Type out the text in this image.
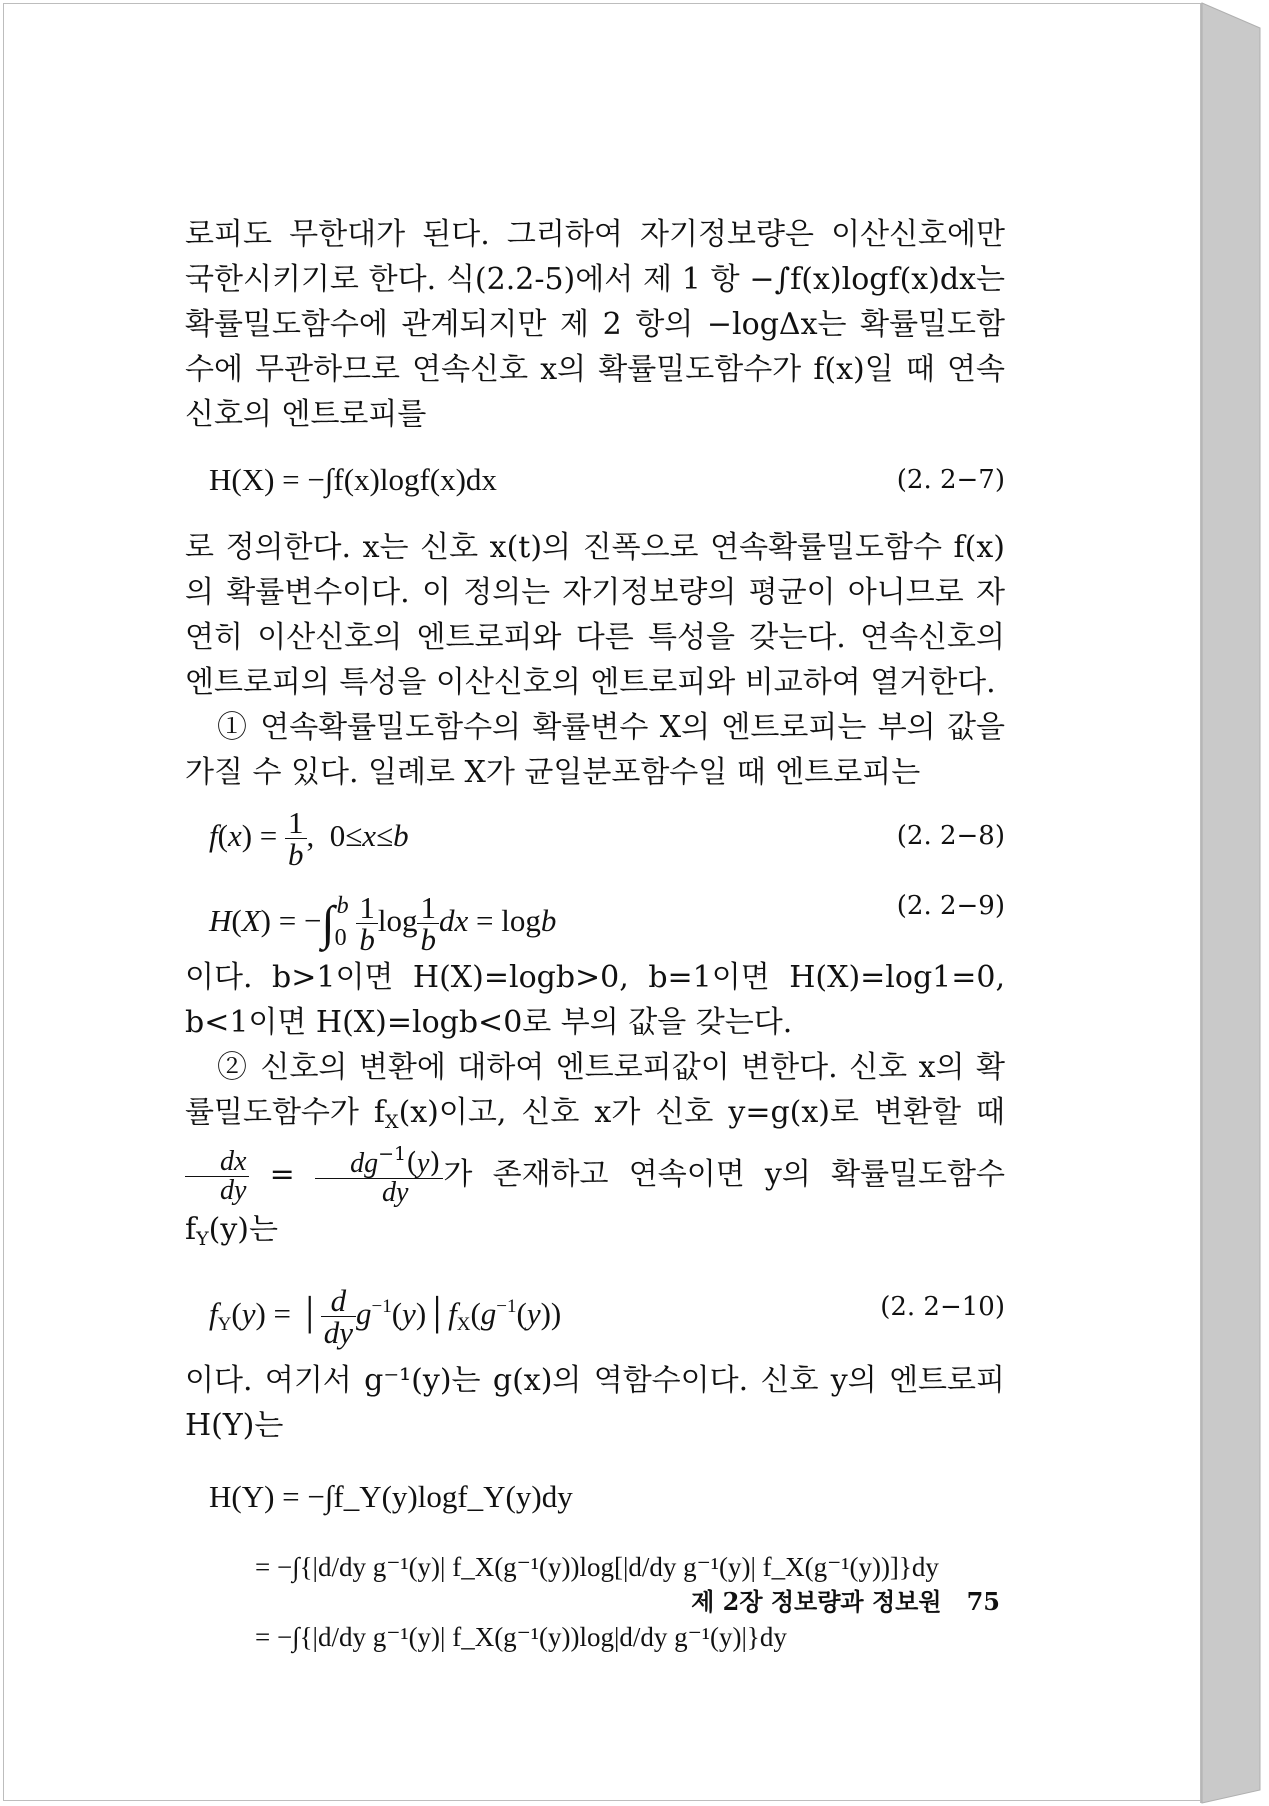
로피도 무한대가 된다. 그리하여 자기정보량은 이산신호에만 국한시키기로 한다. 식(2.2-5)에서 제 1 항 −∫f(x)logf(x)dx는 확률밀도함수에 관계되지만 제 2 항의 −logΔx는 확률밀도함수에 무관하므로 연속신호 x의 확률밀도함수가 f(x)일 때 연속신호의 엔트로피를

H(X) = −∫f(x)logf(x)dx	(2. 2−7)

로 정의한다. x는 신호 x(t)의 진폭으로 연속확률밀도함수 f(x)의 확률변수이다. 이 정의는 자기정보량의 평균이 아니므로 자연히 이산신호의 엔트로피와 다른 특성을 갖는다. 연속신호의 엔트로피의 특성을 이산신호의 엔트로피와 비교하여 열거한다.

① 연속확률밀도함수의 확률변수 X의 엔트로피는 부의 값을 가질 수 있다. 일례로 X가 균일분포함수일 때 엔트로피는

$f(x) = \frac{1}{b}$ ,  0≤x≤b	(2. 2−8)
$H(X) = -\int_0^b \frac{1}{b}$ $\log \frac{1}{b}$ dx = logb	(2. 2−9)

이다. b>1이면 H(X)=logb>0, b=1이면 H(X)=log1=0, b<1이면 H(X)=logb<0로 부의 값을 갖는다.

② 신호의 변환에 대하여 엔트로피값이 변한다. 신호 x의 확률밀도함수가 $f_X(x)$이고, 신호 x가 신호 y=g(x)로 변환할 때
$\frac{dx}{dy} = \frac{dg^{-1}(y)}{dy}$ 가 존재하고 연속이면 y의 확률밀도함수 $f_Y(y)$는

$f_Y(y)$ = │ $\frac{d}{dy}$ $g^{-1}(y)│f_X(g^{-1}(y))$	(2. 2−10)

이다. 여기서 g⁻¹(y)는 g(x)의 역함수이다. 신호 y의 엔트로피 H(Y)는

H(Y) = −∫f_Y(y)logf_Y(y)dy
= −∫{|d/dy g⁻¹(y)| f_X(g⁻¹(y))log[|d/dy g⁻¹(y)| f_X(g⁻¹(y))]}dy
= −∫{|d/dy g⁻¹(y)| f_X(g⁻¹(y))log|d/dy g⁻¹(y)|}dy
제 2장 정보량과 정보원 75
